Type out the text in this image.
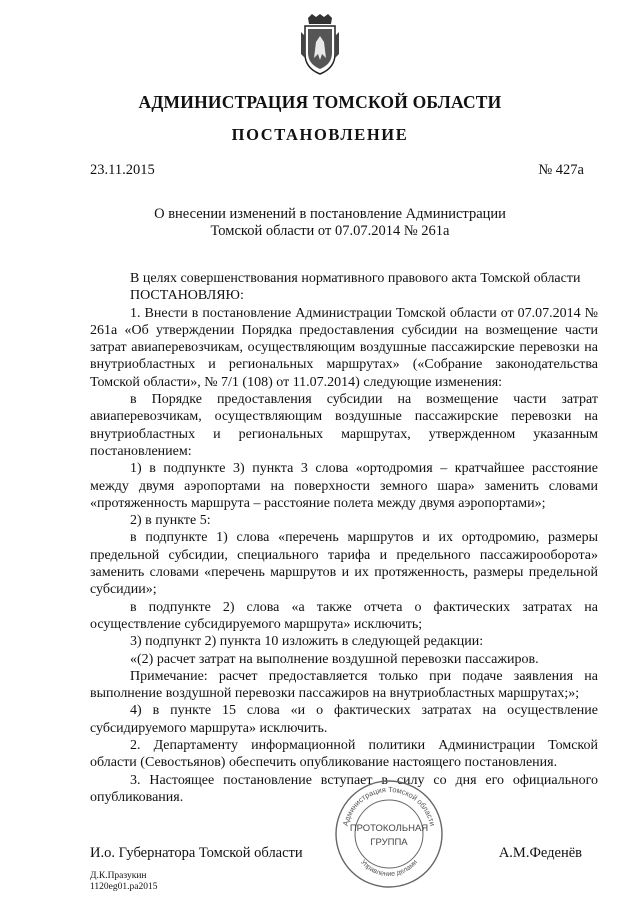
АДМИНИСТРАЦИЯ ТОМСКОЙ ОБЛАСТИ
ПОСТАНОВЛЕНИЕ
23.11.2015	№ 427а
О внесении изменений в постановление Администрации
Томской области от 07.07.2014 № 261а

В целях совершенствования нормативного правового акта Томской области

ПОСТАНОВЛЯЮ:

1. Внести в постановление Администрации Томской области от 07.07.2014 № 261а «Об утверждении Порядка предоставления субсидии на возмещение части затрат авиаперевозчикам, осуществляющим воздушные пассажирские перевозки на внутриобластных и региональных маршрутах» («Собрание законодательства Томской области», № 7/1 (108) от 11.07.2014) следующие изменения:

в Порядке предоставления субсидии на возмещение части затрат авиаперевозчикам, осуществляющим воздушные пассажирские перевозки на внутриобластных и региональных маршрутах, утвержденном указанным постановлением:

1) в подпункте 3) пункта 3 слова «ортодромия – кратчайшее расстояние между двумя аэропортами на поверхности земного шара» заменить словами «протяженность маршрута – расстояние полета между двумя аэропортами»;

2) в пункте 5:

в подпункте 1) слова «перечень маршрутов и их ортодромию, размеры предельной субсидии, специального тарифа и предельного пассажирооборота» заменить словами «перечень маршрутов и их протяженность, размеры предельной субсидии»;

в подпункте 2) слова «а также отчета о фактических затратах на осуществление субсидируемого маршрута» исключить;

3) подпункт 2) пункта 10 изложить в следующей редакции:

«(2) расчет затрат на выполнение воздушной перевозки пассажиров.

Примечание: расчет предоставляется только при подаче заявления на выполнение воздушной перевозки пассажиров на внутриобластных маршрутах;»;

4) в пункте 15 слова «и о фактических затратах на осуществление субсидируемого маршрута» исключить.

2. Департаменту информационной политики Администрации Томской области (Севостьянов) обеспечить опубликование настоящего постановления.

3. Настоящее постановление вступает в силу со дня его официального опубликования.

Администрация Томской области
Управление делами
ПРОТОКОЛЬНАЯ
ГРУППА
И.о. Губернатора Томской области	А.М.Феденёв
Д.К.Празукин
1120eg01.ра2015
